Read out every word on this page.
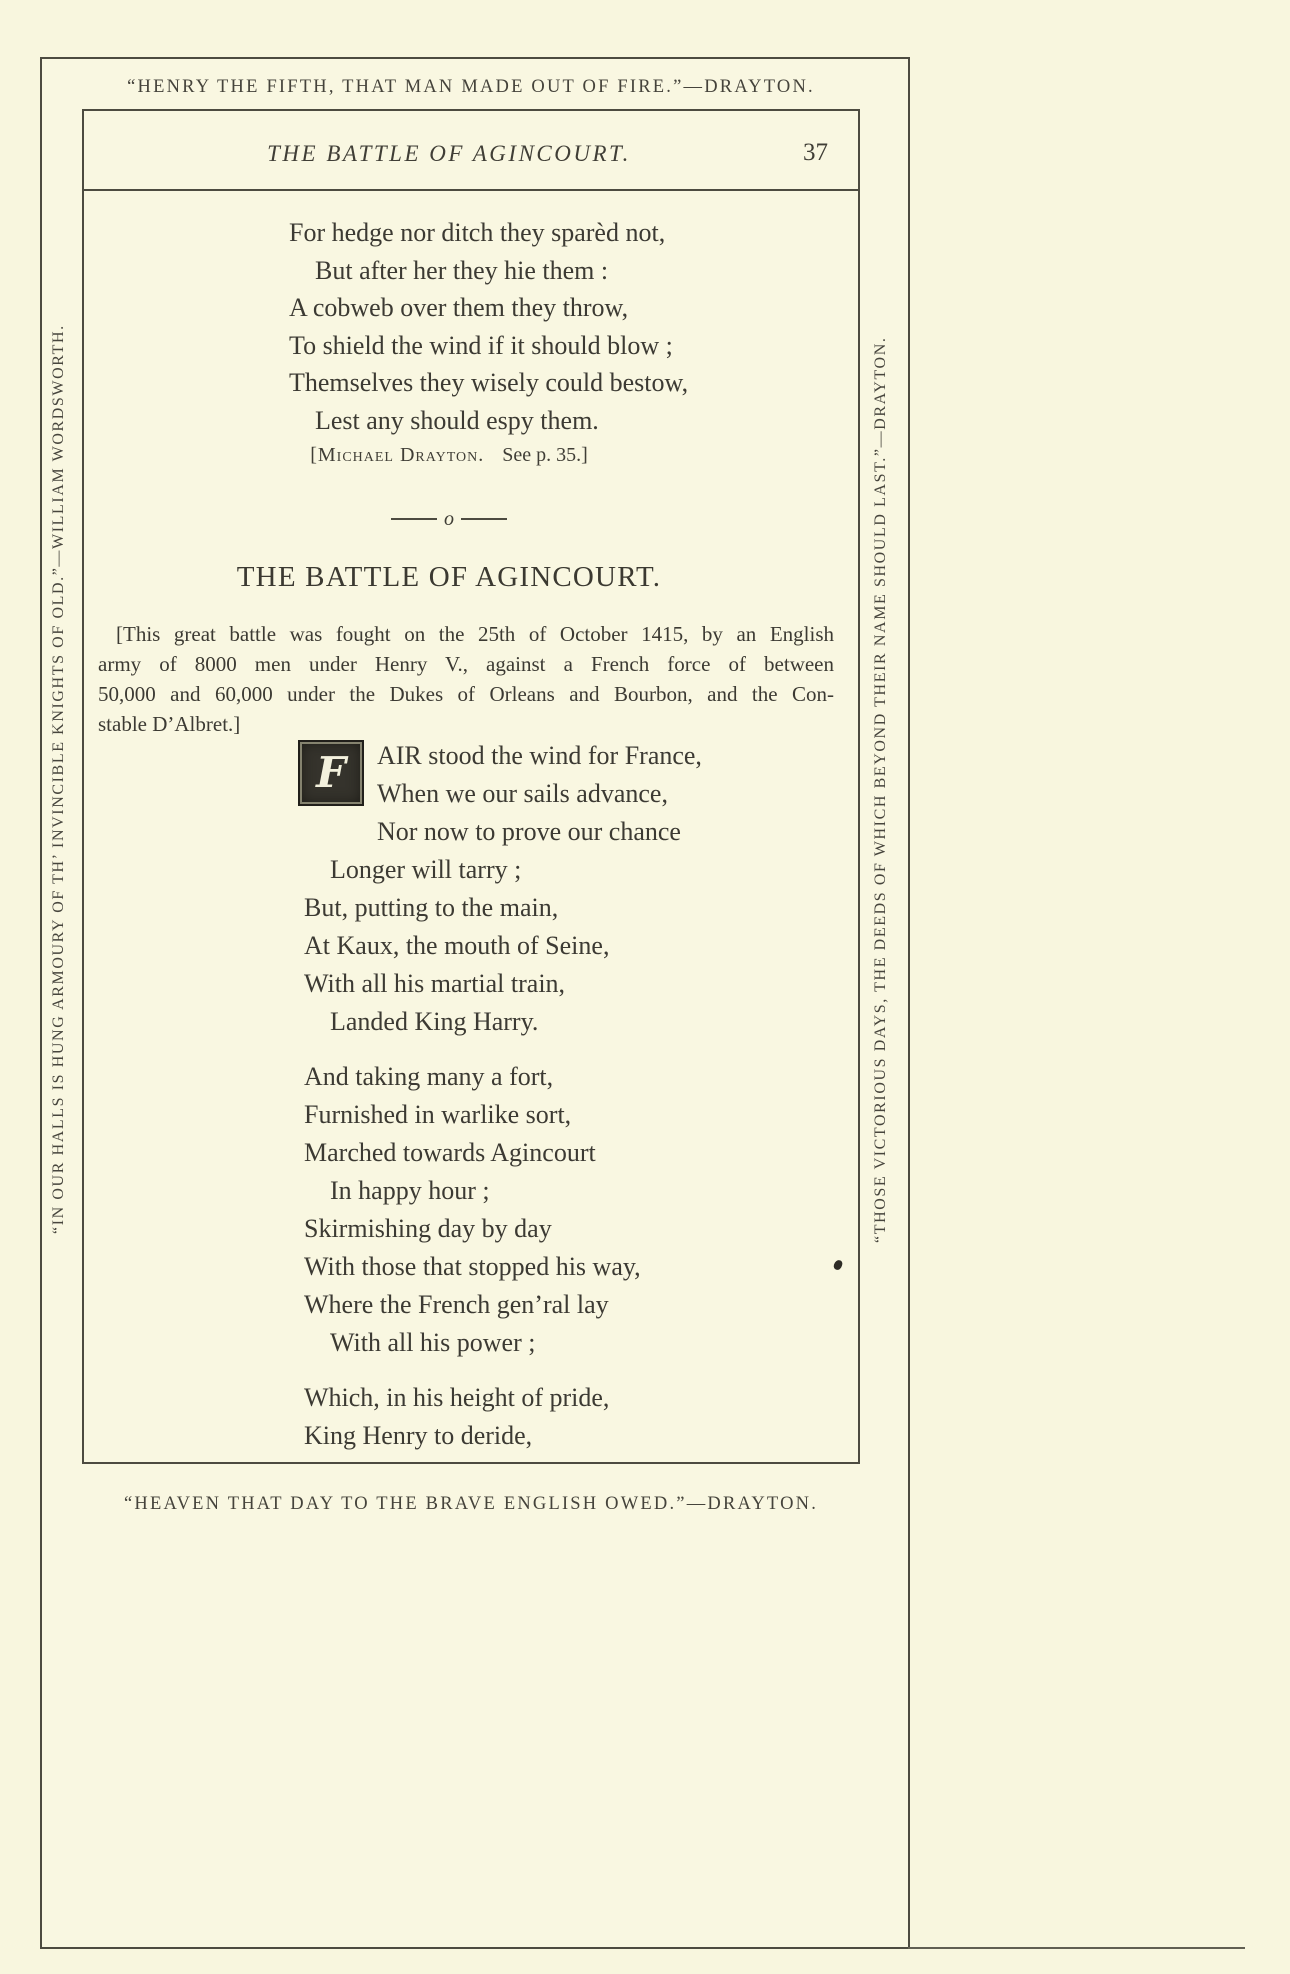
“HENRY THE FIFTH, THAT MAN MADE OUT OF FIRE.”—DRAYTON.
“IN OUR HALLS IS HUNG ARMOURY OF TH’ INVINCIBLE KNIGHTS OF OLD.”—WILLIAM WORDSWORTH.	“THOSE VICTORIOUS DAYS, THE DEEDS OF WHICH BEYOND THEIR NAME SHOULD LAST.”—DRAYTON.
THE BATTLE OF AGINCOURT.	37
For hedge nor ditch they sparèd not,
But after her they hie them :
A cobweb over them they throw,
To shield the wind if it should blow ;
Themselves they wisely could bestow,
Lest any should espy them.
[Michael Drayton. See p. 35.]
o
THE BATTLE OF AGINCOURT.
[This great battle was fought on the 25th of October 1415, by an English
army of 8000 men under Henry V., against a French force of between
50,000 and 60,000 under the Dukes of Orleans and Bourbon, and the Con-
stable D’Albret.]
F	AIR stood the wind for France,
When we our sails advance,
Nor now to prove our chance
Longer will tarry ;
But, putting to the main,
At Kaux, the mouth of Seine,
With all his martial train,
Landed King Harry.
And taking many a fort,
Furnished in warlike sort,
Marched towards Agincourt
In happy hour ;
Skirmishing day by day
With those that stopped his way,
Where the French gen’ral lay
With all his power ;
Which, in his height of pride,
King Henry to deride,
“HEAVEN THAT DAY TO THE BRAVE ENGLISH OWED.”—DRAYTON.
